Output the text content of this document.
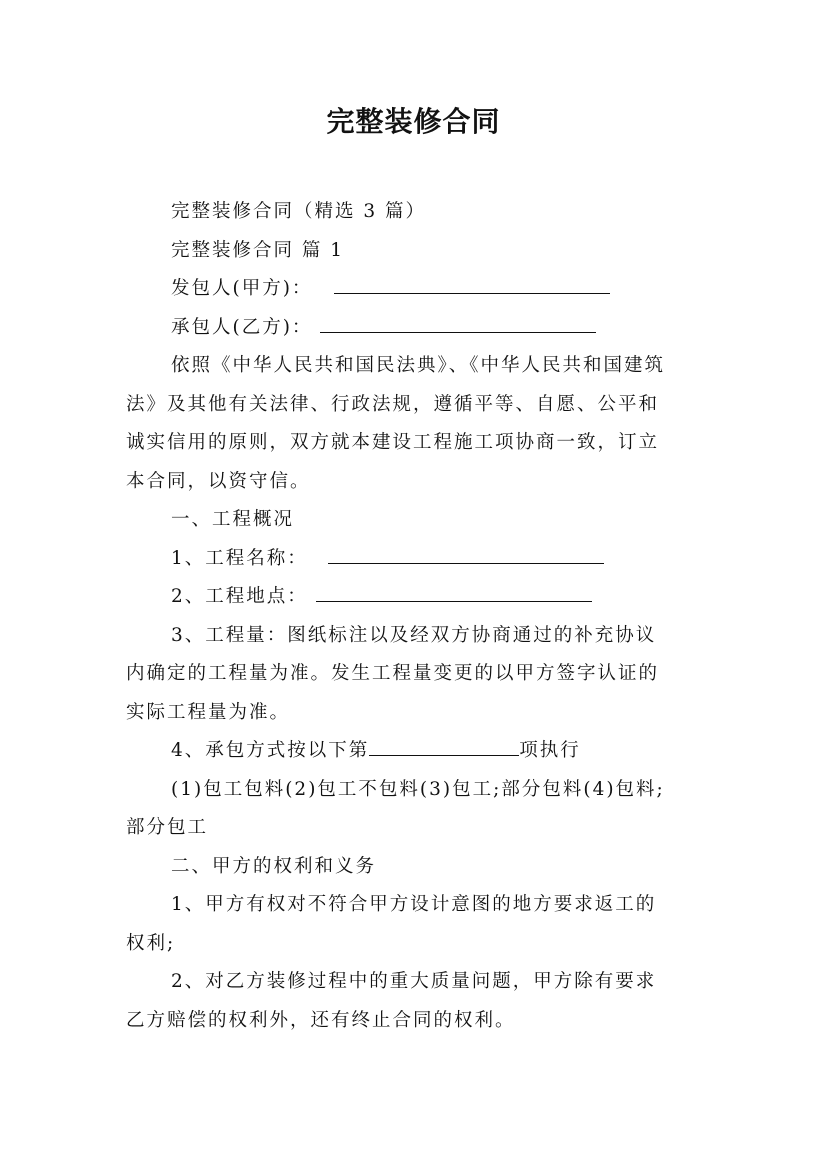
完整装修合同
完整装修合同（精选 3 篇）
完整装修合同 篇 1
发包人(甲方)：
承包人(乙方)：
依照《中华人民共和国民法典》、《中华人民共和国建筑
法》及其他有关法律、行政法规，遵循平等、自愿、公平和
诚实信用的原则，双方就本建设工程施工项协商一致，订立
本合同，以资守信。
一、工程概况
1、工程名称：
2、工程地点：
3、工程量：图纸标注以及经双方协商通过的补充协议
内确定的工程量为准。发生工程量变更的以甲方签字认证的
实际工程量为准。
4、承包方式按以下第	项执行
(1)包工包料(2)包工不包料(3)包工;部分包料(4)包料;
部分包工
二、甲方的权利和义务
1、甲方有权对不符合甲方设计意图的地方要求返工的
权利;
2、对乙方装修过程中的重大质量问题，甲方除有要求
乙方赔偿的权利外，还有终止合同的权利。
